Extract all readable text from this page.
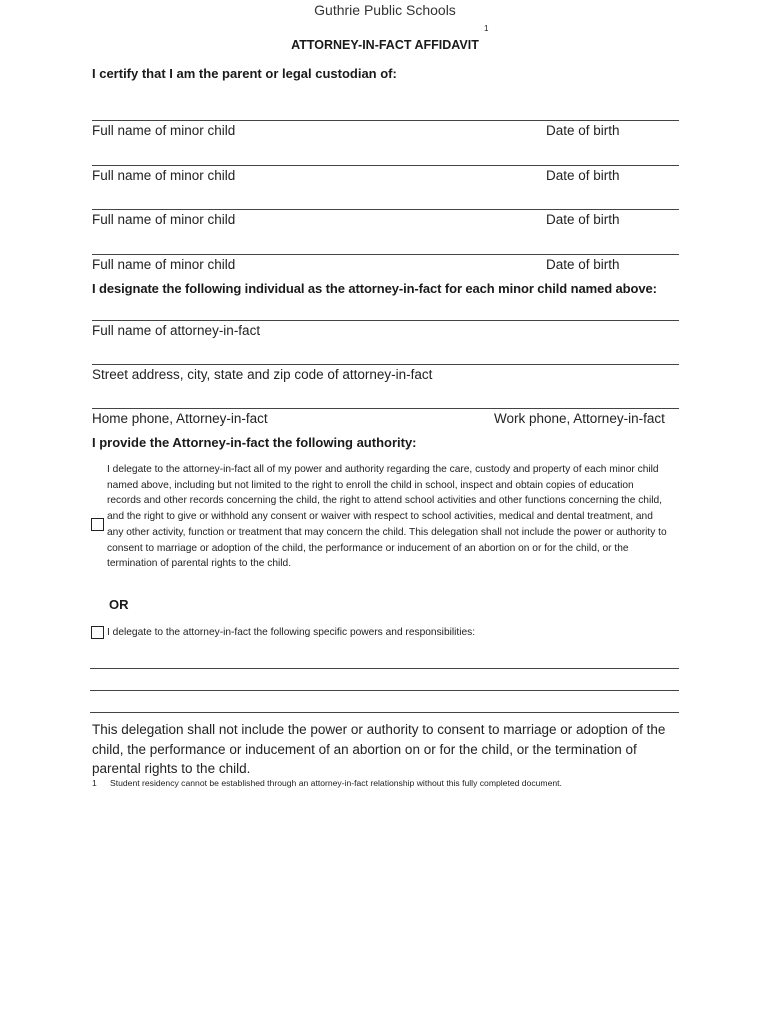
Guthrie Public Schools
1
ATTORNEY-IN-FACT AFFIDAVIT
I certify that I am the parent or legal custodian of:
Full name of minor child	Date of birth
Full name of minor child	Date of birth
Full name of minor child	Date of birth
Full name of minor child	Date of birth
I designate the following individual as the attorney-in-fact for each minor child named above:
Full name of attorney-in-fact
Street address, city, state and zip code of attorney-in-fact
Home phone, Attorney-in-fact	Work phone, Attorney-in-fact
I provide the Attorney-in-fact the following authority:
I delegate to the attorney-in-fact all of my power and authority regarding the care, custody and property of each minor child named above, including but not limited to the right to enroll the child in school, inspect and obtain copies of education records and other records concerning the child, the right to attend school activities and other functions concerning the child, and the right to give or withhold any consent or waiver with respect to school activities, medical and dental treatment, and any other activity, function or treatment that may concern the child. This delegation shall not include the power or authority to consent to marriage or adoption of the child, the performance or inducement of an abortion on or for the child, or the termination of parental rights to the child.
OR
I delegate to the attorney-in-fact the following specific powers and responsibilities:
This delegation shall not include the power or authority to consent to marriage or adoption of the child, the performance or inducement of an abortion on or for the child, or the termination of parental rights to the child.
1 Student residency cannot be established through an attorney-in-fact relationship without this fully completed document.
